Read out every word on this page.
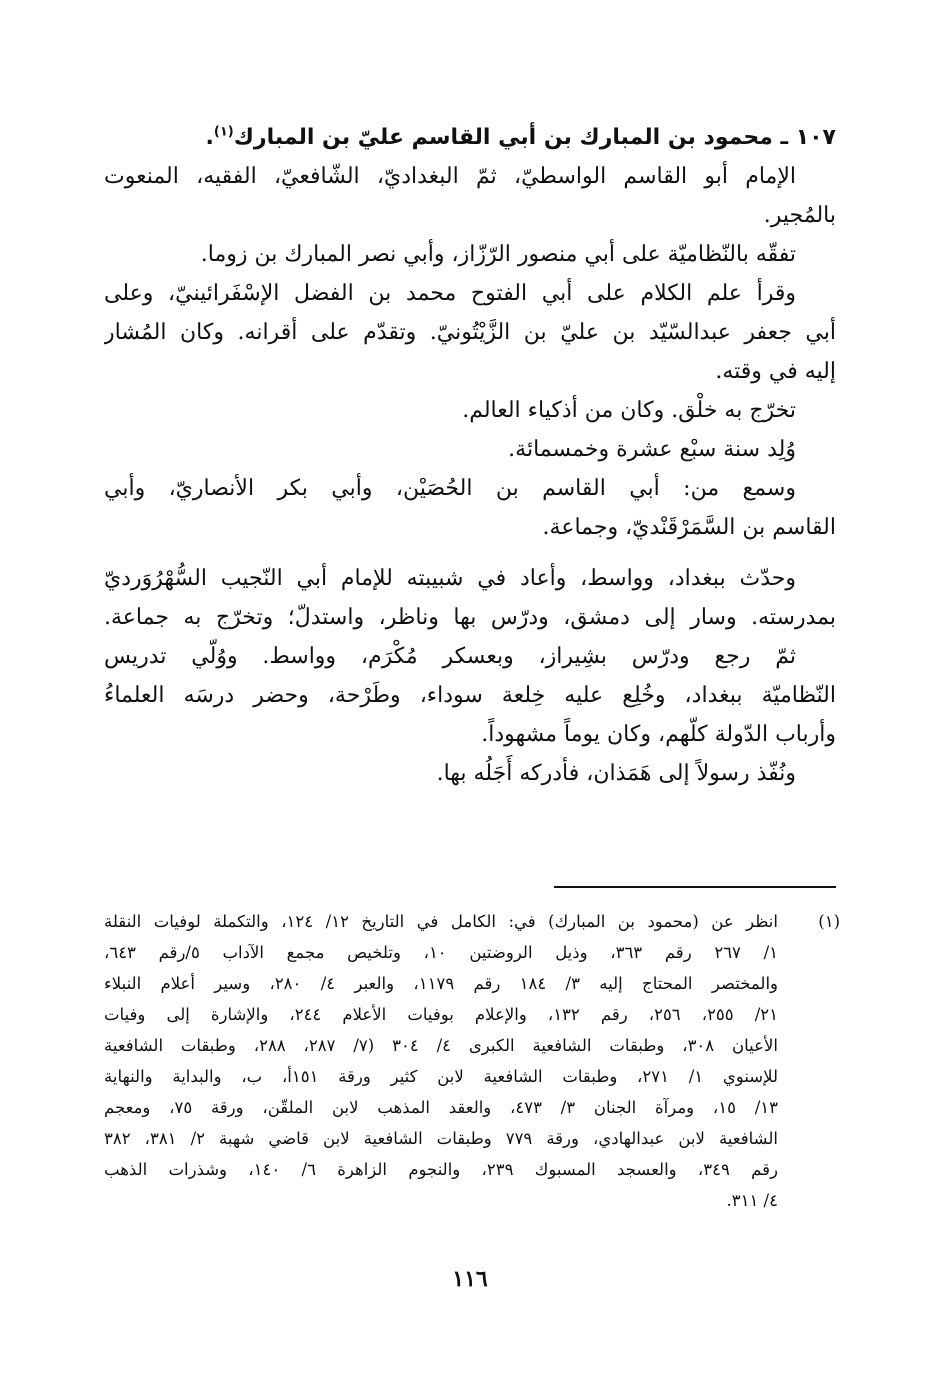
١٠٧ ـ محمود بن المبارك بن أبي القاسم عليّ بن المبارك$^{(١)}$.
الإمام أبو القاسم الواسطيّ، ثمّ البغداديّ، الشّافعيّ، الفقيه، المنعوت
بالمُجير.
تفقّه بالنّظاميّة على أبي منصور الرّزّاز، وأبي نصر المبارك بن زوما.
وقرأ علم الكلام على أبي الفتوح محمد بن الفضل الإسْفَرائينيّ، وعلى
أبي جعفر عبدالسّيّد بن عليّ بن الزَّيْتُونيّ. وتقدّم على أقرانه. وكان المُشار
إليه في وقته.
تخرّج به خلْق. وكان من أذكياء العالم.
وُلِد سنة سبْع عشرة وخمسمائة.
وسمع من: أبي القاسم بن الحُصَيْن، وأبي بكر الأنصاريّ، وأبي
القاسم بن السَّمَرْقَنْديّ، وجماعة.
وحدّث ببغداد، وواسط، وأعاد في شبيبته للإمام أبي النّجيب السُّهْرُوَرديّ
بمدرسته. وسار إلى دمشق، ودرّس بها وناظر، واستدلّ؛ وتخرّج به جماعة.
ثمّ رجع ودرّس بشِيراز، وبعسكر مُكْرَم، وواسط. ووُلّي تدريس
النّظاميّة ببغداد، وخُلِع عليه خِلعة سوداء، وطَرْحة، وحضر درسَه العلماءُ
وأرباب الدّولة كلّهم، وكان يوماً مشهوداً.
ونُفّذ رسولاً إلى هَمَذان، فأدركه أَجَلُه بها.
(١)
انظر عن (محمود بن المبارك) في: الكامل في التاريخ ١٢/ ١٢٤، والتكملة لوفيات النقلة
١/ ٢٦٧ رقم ٣٦٣، وذيل الروضتين ١٠، وتلخيص مجمع الآداب ٥/رقم ٦٤٣،
والمختصر المحتاج إليه ٣/ ١٨٤ رقم ١١٧٩، والعبر ٤/ ٢٨٠، وسير أعلام النبلاء
٢١/ ٢٥٥، ٢٥٦، رقم ١٣٢، والإعلام بوفيات الأعلام ٢٤٤، والإشارة إلى وفيات
الأعيان ٣٠٨، وطبقات الشافعية الكبرى ٤/ ٣٠٤ (٧/ ٢٨٧، ٢٨٨، وطبقات الشافعية
للإسنوي ١/ ٢٧١، وطبقات الشافعية لابن كثير ورقة ١٥١أ، ب، والبداية والنهاية
١٣/ ١٥، ومرآة الجنان ٣/ ٤٧٣، والعقد المذهب لابن الملقّن، ورقة ٧٥، ومعجم
الشافعية لابن عبدالهادي، ورقة ٧٧٩ وطبقات الشافعية لابن قاضي شهبة ٢/ ٣٨١، ٣٨٢
رقم ٣٤٩، والعسجد المسبوك ٢٣٩، والنجوم الزاهرة ٦/ ١٤٠، وشذرات الذهب
٤/ ٣١١.
١١٦
